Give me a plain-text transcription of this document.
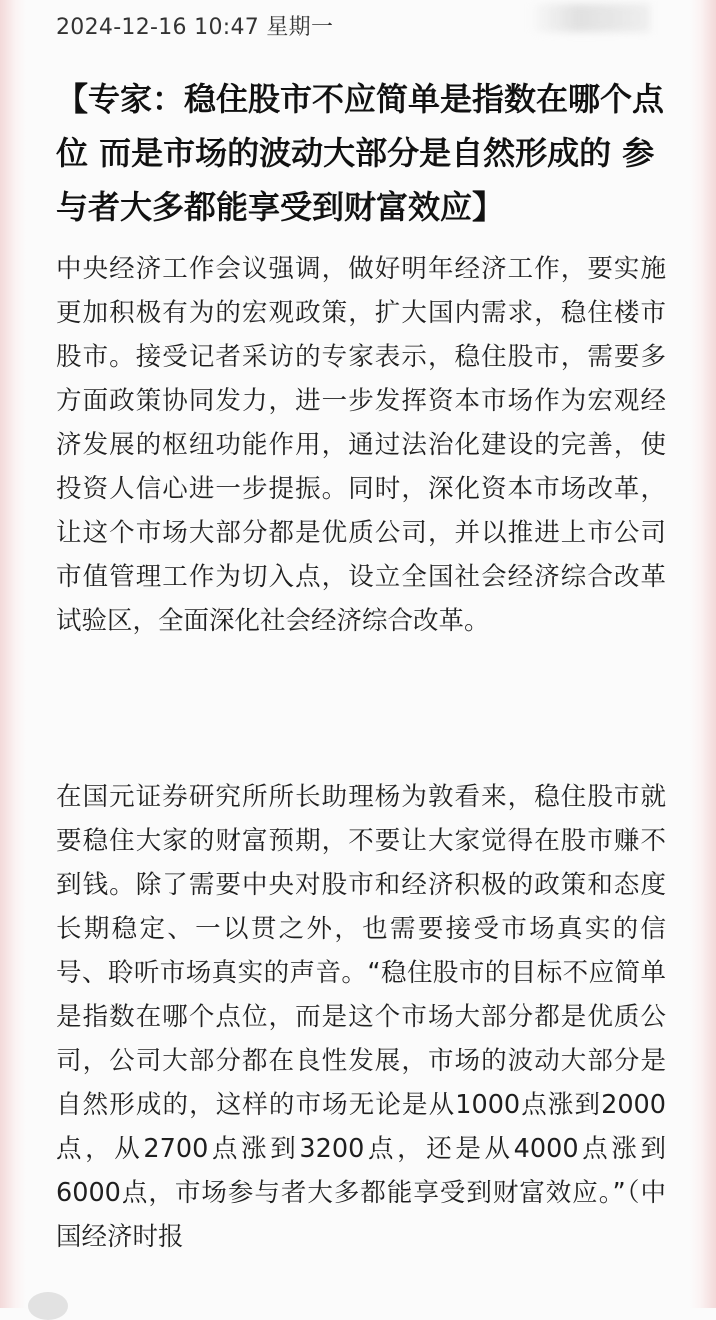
2024-12-16 10:47 星期一
【专家：稳住股市不应简单是指数在哪个点位 而是市场的波动大部分是自然形成的 参与者大多都能享受到财富效应】

中央经济工作会议强调，做好明年经济工作，要实施更加积极有为的宏观政策，扩大国内需求，稳住楼市股市。接受记者采访的专家表示，稳住股市，需要多方面政策协同发力，进一步发挥资本市场作为宏观经济发展的枢纽功能作用，通过法治化建设的完善，使投资人信心进一步提振。同时，深化资本市场改革，让这个市场大部分都是优质公司，并以推进上市公司市值管理工作为切入点，设立全国社会经济综合改革试验区，全面深化社会经济综合改革。

在国元证券研究所所长助理杨为敦看来，稳住股市就要稳住大家的财富预期，不要让大家觉得在股市赚不到钱。除了需要中央对股市和经济积极的政策和态度长期稳定、一以贯之外，也需要接受市场真实的信号、聆听市场真实的声音。“稳住股市的目标不应简单是指数在哪个点位，而是这个市场大部分都是优质公司，公司大部分都在良性发展，市场的波动大部分是自然形成的，这样的市场无论是从1000点涨到2000点，从2700点涨到3200点，还是从4000点涨到6000点，市场参与者大多都能享受到财富效应。”（中国经济时报
